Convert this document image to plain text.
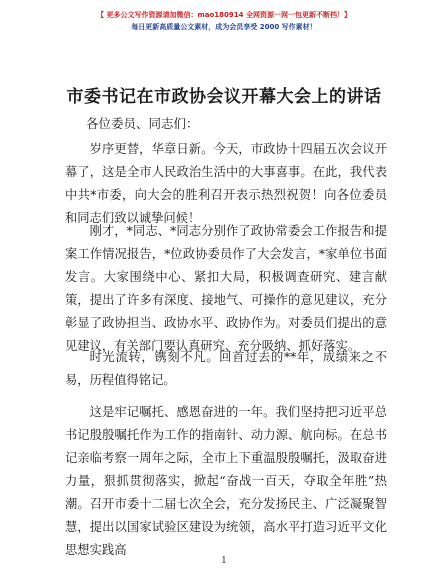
【 更多公文写作资源请加微信：mao180914 全网资源一网一包更新不断档！】
每日更新高质量公文素材，成为会员享受 2000 写作素材！
市委书记在市政协会议开幕大会上的讲话
各位委员、同志们：

岁序更替，华章日新。今天，市政协十四届五次会议开幕了，这是全市人民政治生活中的大事喜事。在此，我代表中共*市委，向大会的胜利召开表示热烈祝贺！向各位委员和同志们致以诚挚问候！

刚才，*同志、*同志分别作了政协常委会工作报告和提案工作情况报告，*位政协委员作了大会发言，*家单位书面发言。大家围绕中心、紧扣大局，积极调查研究、建言献策，提出了许多有深度、接地气、可操作的意见建议，充分彰显了政协担当、政协水平、政协作为。对委员们提出的意见建议，有关部门要认真研究、充分吸纳、抓好落实。

时光流转，镌刻不凡。回首过去的**年，成绩来之不易，历程值得铭记。

这是牢记嘱托、感恩奋进的一年。我们坚持把习近平总书记殷殷嘱托作为工作的指南针、动力源、航向标。在总书记亲临考察一周年之际，全市上下重温殷殷嘱托，汲取奋进力量，狠抓贯彻落实，掀起“奋战一百天，夺取全年胜”热潮。召开市委十二届七次全会，充分发扬民主、广泛凝聚智慧，提出以国家试验区建设为统领，高水平打造习近平文化思想实践高

1
